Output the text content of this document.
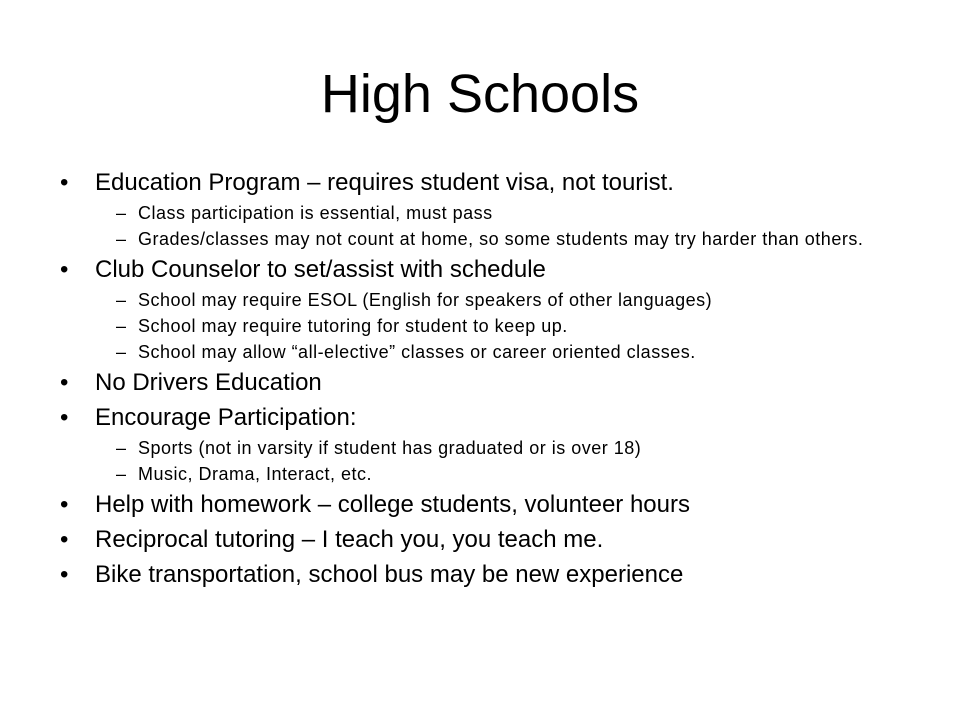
High Schools
• Education Program – requires student visa, not tourist.
– Class participation is essential, must pass
– Grades/classes may not count at home, so some students may try harder than others.
• Club Counselor to set/assist with schedule
– School may require ESOL (English for speakers of other languages)
– School may require tutoring for student to keep up.
– School may allow “all-elective” classes or career oriented classes.
• No Drivers Education
• Encourage Participation:
– Sports (not in varsity if student has graduated or is over 18)
– Music, Drama, Interact, etc.
• Help with homework – college students, volunteer hours
• Reciprocal tutoring – I teach you, you teach me.
• Bike transportation, school bus may be new experience
